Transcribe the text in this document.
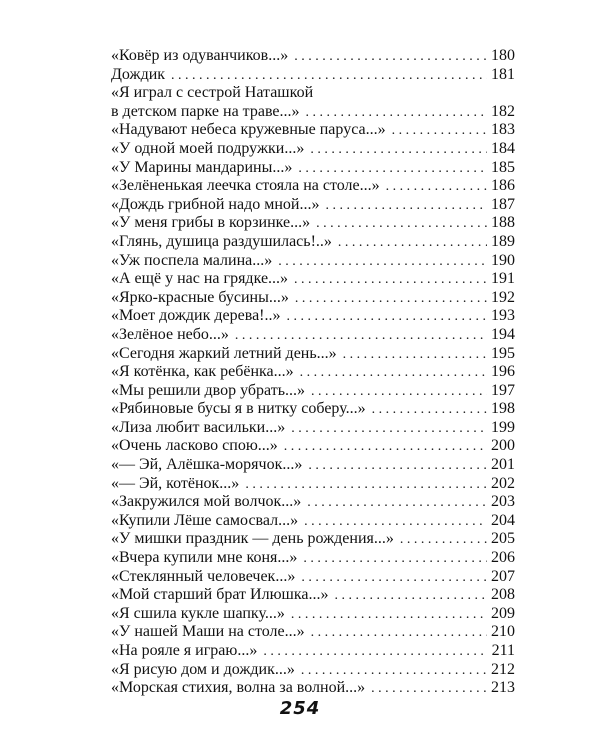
«Ковёр из одуванчиков...» . . .	180
Дождик . . .	181
«Я играл с сестрой Наташкой
в детском парке на траве...» . . .	182
«Надувают небеса кружевные паруса...» . . .	183
«У одной моей подружки...» . . .	184
«У Марины мандарины...» . . .	185
«Зелёненькая леечка стояла на столе...» . . .	186
«Дождь грибной надо мной...» . . .	187
«У меня грибы в корзинке...» . . .	188
«Глянь, душица раздушилась!..» . . .	189
«Уж поспела малина...» . . .	190
«А ещё у нас на грядке...» . . .	191
«Ярко-красные бусины...» . . .	192
«Моет дождик дерева!..» . . .	193
«Зелёное небо...» . . .	194
«Сегодня жаркий летний день...» . . .	195
«Я котёнка, как ребёнка...» . . .	196
«Мы решили двор убрать...» . . .	197
«Рябиновые бусы я в нитку соберу...» . . .	198
«Лиза любит васильки...» . . .	199
«Очень ласково спою...» . . .	200
«— Эй, Алёшка-морячок...» . . .	201
«— Эй, котёнок...» . . .	202
«Закружился мой волчок...» . . .	203
«Купили Лёше самосвал...» . . .	204
«У мишки праздник — день рождения...» . . .	205
«Вчера купили мне коня...» . . .	206
«Стеклянный человечек...» . . .	207
«Мой старший брат Илюшка...» . . .	208
«Я сшила кукле шапку...» . . .	209
«У нашей Маши на столе...» . . .	210
«На рояле я играю...» . . .	211
«Я рисую дом и дождик...» . . .	212
«Морская стихия, волна за волной...» . . .	213
254
